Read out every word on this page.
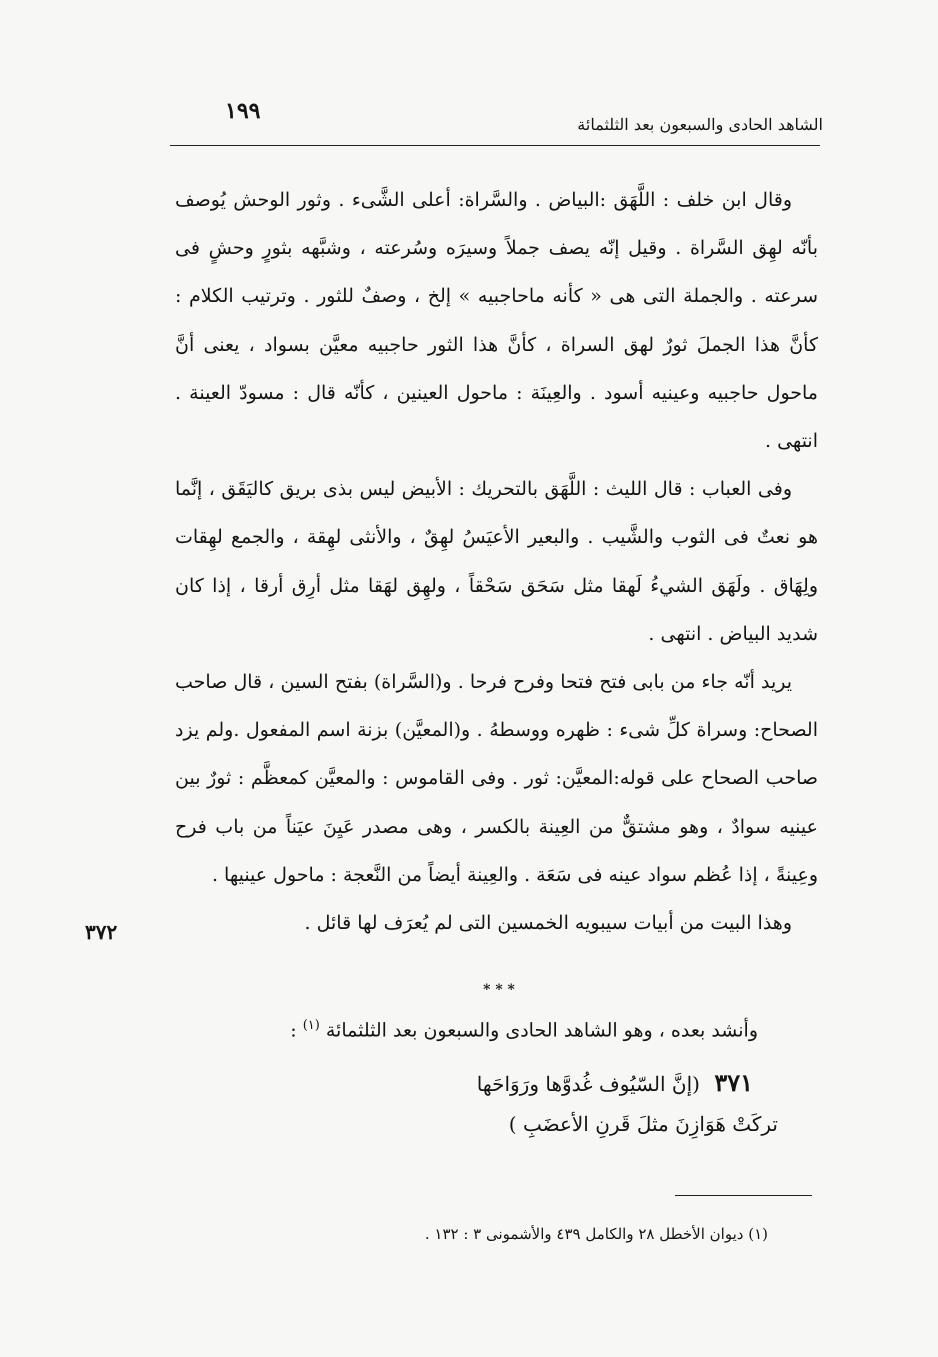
١٩٩
الشاهد الحادى والسبعون بعد الثلثمائة

وقال ابن خلف : اللَّهَق :البياض . والسَّراة: أعلى الشَّىء . وثور الوحش يُوصف بأنّه لهِق السَّراة . وقيل إنّه يصف جملاً وسيرَه وسُرعته ، وشبَّهه بثورٍ وحشٍ فى سرعته . والجملة التى هى « كأنه ماحاجبيه » إلخ ، وصفٌ للثور . وترتيب الكلام : كأنَّ هذا الجملَ ثورٌ لهق السراة ، كأنَّ هذا الثور حاجبيه معيَّن بسواد ، يعنى أنَّ ماحول حاجبيه وعينيه أسود . والعِينَة : ماحول العينين ، كأنّه قال : مسودّ العينة . انتهى .

وفى العباب : قال الليث : اللَّهَق بالتحريك : الأبيض ليس بذى بريق كاليَقَق ، إنَّما هو نعتٌ فى الثوب والشَّيب . والبعير الأعيَسُ لهِقٌ ، والأنثى لهِقة ، والجمع لهِقات ولِهَاق . ولَهَق الشيءُ لَهقا مثل سَحَق سَحْقاً ، ولهِق لهَقا مثل أرِق أرقا ، إذا كان شديد البياض . انتهى .

يريد أنّه جاء من بابى فتح فتحا وفرح فرحا . و(السَّراة) بفتح السين ، قال صاحب الصحاح: وسراة كلِّ شىء : ظهره ووسطهُ . و(المعيَّن) بزنة اسم المفعول .ولم يزد صاحب الصحاح على قوله:المعيَّن: ثور . وفى القاموس : والمعيَّن كمعظَّم : ثورٌ بين عينيه سوادٌ ، وهو مشتقٌّ من العِينة بالكسر ، وهى مصدر عَيِنَ عيَناً من باب فرح وعِينةً ، إذا عُظم سواد عينه فى سَعَة . والعِينة أيضاً من النَّعجة : ماحول عينيها .

وهذا البيت من أبيات سيبويه الخمسين التى لم يُعرَف لها قائل .

٣٧٢
* * *
وأنشد بعده ، وهو الشاهد الحادى والسبعون بعد الثلثمائة $^{(١)}$ :
٣٧١ (إنَّ السّيُوف غُدوَّها ورَوَاحَها
تركَتْ هَوَازِنَ مثلَ قَرنِ الأعضَبِ )
(١) ديوان الأخطل ٢٨ والكامل ٤٣٩ والأشمونى ٣ : ١٣٢ .
